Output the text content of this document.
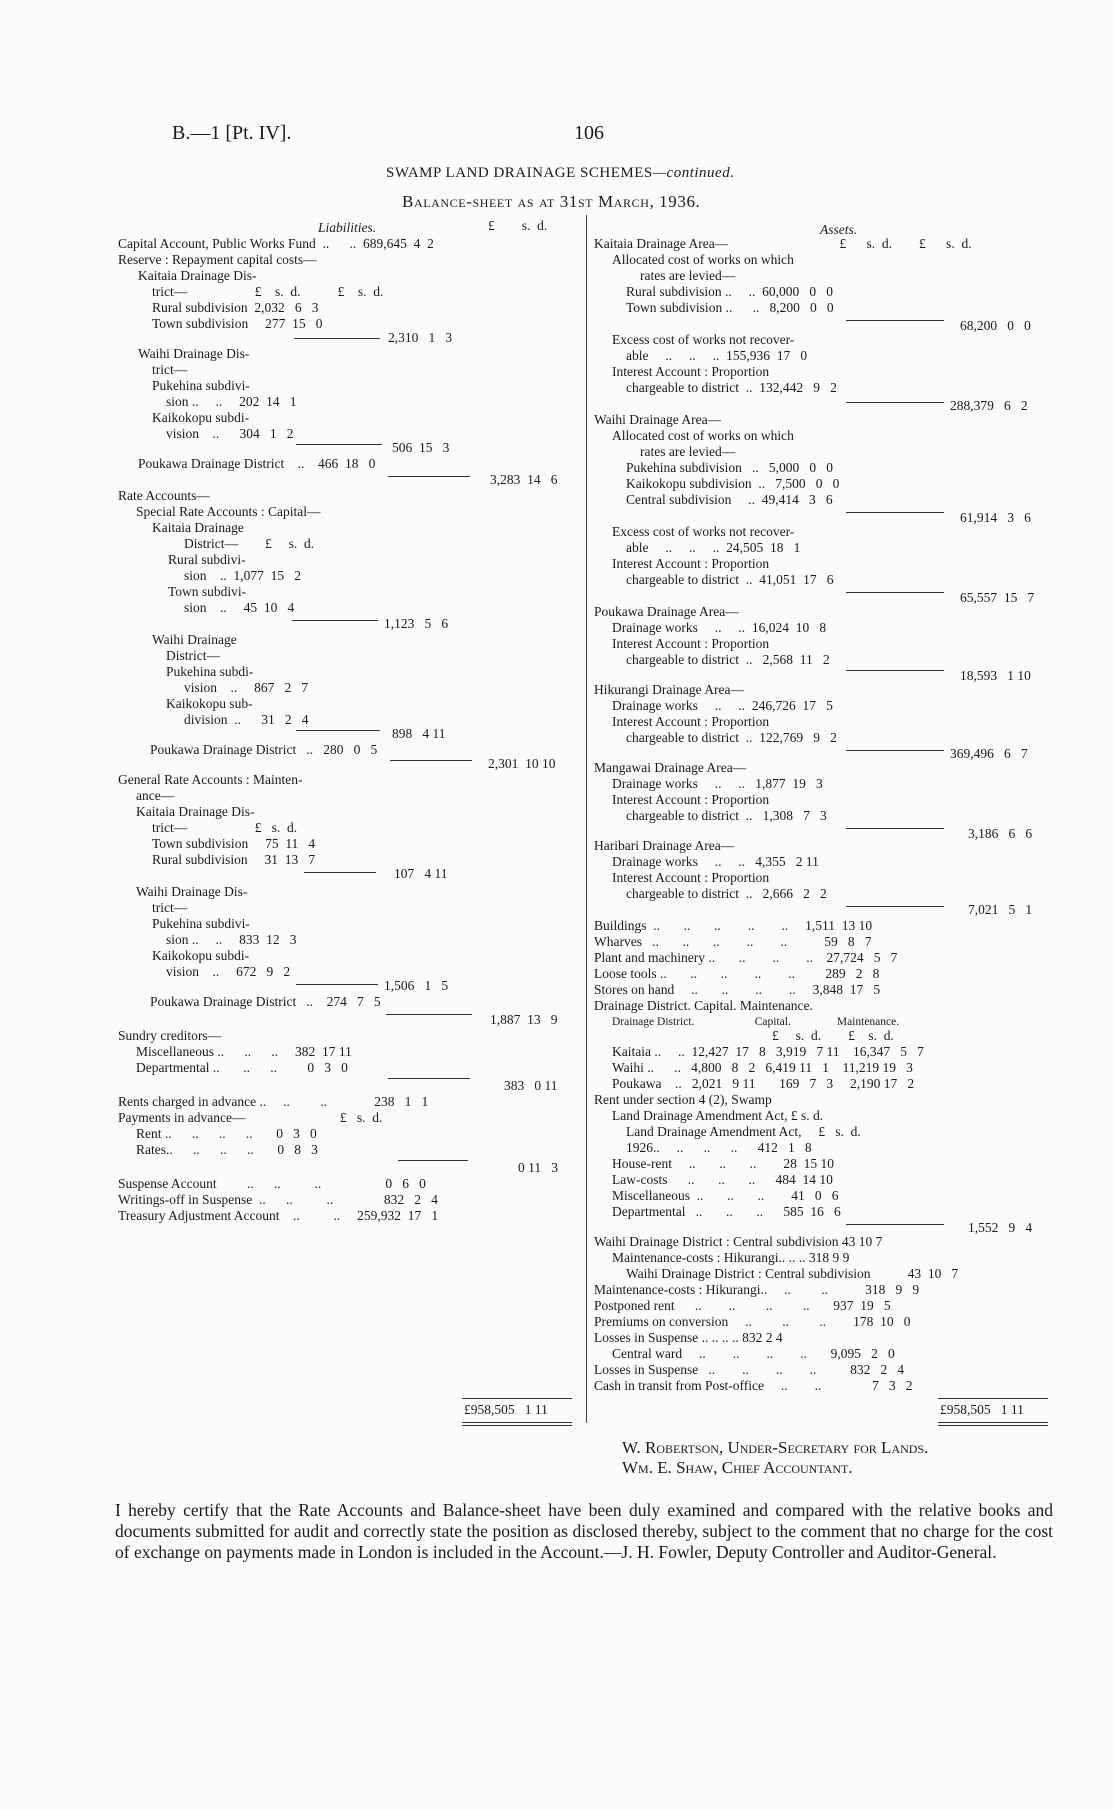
B.—1 [Pt. IV].	106
SWAMP LAND DRAINAGE SCHEMES—continued.
Balance-sheet as at 31st March, 1936.
Liabilities.	£        s.  d.
Capital Account, Public Works Fund  ..      ..  689,645  4  2
Reserve : Repayment capital costs—
Kaitaia Drainage Dis-
trict—                    £    s.  d.           £    s.  d.
Rural subdivision  2,032   6   3
Town subdivision     277  15   0
2,310   1   3
Waihi Drainage Dis-
trict—
Pukehina subdivi-
sion ..     ..     202  14   1
Kaikokopu subdi-
vision    ..      304   1   2
506  15   3
Poukawa Drainage District    ..    466  18   0
3,283  14   6
Rate Accounts—
Special Rate Accounts : Capital—
Kaitaia Drainage
District—        £     s.  d.
Rural subdivi-
sion    ..  1,077  15   2
Town subdivi-
sion    ..     45  10   4
1,123   5   6
Waihi Drainage
District—
Pukehina subdi-
vision    ..     867   2   7
Kaikokopu sub-
division  ..      31   2   4
898   4 11
Poukawa Drainage District   ..   280   0   5
2,301  10 10
General Rate Accounts : Mainten-
ance—
Kaitaia Drainage Dis-
trict—                    £   s.  d.
Town subdivision     75  11   4
Rural subdivision     31  13   7
107   4 11
Waihi Drainage Dis-
trict—
Pukehina subdivi-
sion ..     ..     833  12   3
Kaikokopu subdi-
vision    ..     672   9   2
1,506   1   5
Poukawa Drainage District   ..    274   7   5
1,887  13   9
Sundry creditors—
Miscellaneous ..      ..      ..     382  17 11
Departmental ..       ..      ..         0   3   0
383   0 11
Rents charged in advance ..     ..         ..              238   1   1
Payments in advance—                            £   s.  d.
Rent ..      ..      ..      ..       0   3   0
Rates..      ..      ..      ..       0   8   3
0 11   3
Suspense Account         ..      ..          ..                   0   6   0
Writings-off in Suspense  ..      ..          ..               832   2   4
Treasury Adjustment Account    ..          ..     259,932  17   1
£958,505   1 11
Assets.
Kaitaia Drainage Area—                                 £      s.  d.        £      s.  d.
Allocated cost of works on which
rates are levied—
Rural subdivision ..     ..  60,000   0   0
Town subdivision ..      ..   8,200   0   0
68,200   0   0
Excess cost of works not recover-
able     ..     ..     ..  155,936  17   0
Interest Account : Proportion
chargeable to district  ..  132,442   9   2
288,379   6   2
Waihi Drainage Area—
Allocated cost of works on which
rates are levied—
Pukehina subdivision   ..   5,000   0   0
Kaikokopu subdivision  ..   7,500   0   0
Central subdivision     ..  49,414   3   6
61,914   3   6
Excess cost of works not recover-
able     ..     ..     ..  24,505  18   1
Interest Account : Proportion
chargeable to district  ..  41,051  17   6
65,557  15   7
Poukawa Drainage Area—
Drainage works     ..     ..  16,024  10   8
Interest Account : Proportion
chargeable to district  ..   2,568  11   2
18,593   1 10
Hikurangi Drainage Area—
Drainage works     ..     ..  246,726  17   5
Interest Account : Proportion
chargeable to district  ..  122,769   9   2
369,496   6   7
Mangawai Drainage Area—
Drainage works     ..     ..   1,877  19   3
Interest Account : Proportion
chargeable to district  ..   1,308   7   3
3,186   6   6
Haribari Drainage Area—
Drainage works     ..     ..   4,355   2 11
Interest Account : Proportion
chargeable to district  ..   2,666   2   2
7,021   5   1
Buildings  ..       ..       ..        ..        ..     1,511  13 10
Wharves   ..       ..       ..        ..        ..           59   8   7
Plant and machinery ..       ..        ..        ..    27,724   5   7
Loose tools ..       ..       ..        ..        ..         289   2   8
Stores on hand     ..       ..        ..        ..     3,848  17   5
Drainage District. Capital. Maintenance.
Drainage District.                     Capital.                Maintenance.
£     s.  d.        £    s.  d.
Kaitaia ..     ..  12,427  17   8   3,919   7 11    16,347   5   7
Waihi ..      ..   4,800   8   2   6,419 11   1    11,219 19   3
Poukawa    ..   2,021   9 11       169   7   3     2,190 17   2
Rent under section 4 (2), Swamp
Land Drainage Amendment Act, £ s. d.
Land Drainage Amendment Act,     £   s.  d.
1926..     ..      ..      ..      412   1   8
House-rent     ..       ..       ..        28  15 10
Law-costs      ..       ..       ..      484  14 10
Miscellaneous  ..       ..       ..        41   0   6
Departmental   ..       ..       ..      585  16   6
1,552   9   4
Waihi Drainage District : Central subdivision 43 10 7
Maintenance-costs : Hikurangi.. .. .. 318 9 9
Waihi Drainage District : Central subdivision           43  10   7
Maintenance-costs : Hikurangi..     ..         ..           318   9   9
Postponed rent      ..        ..         ..         ..       937  19   5
Premiums on conversion     ..         ..         ..        178  10   0
Losses in Suspense .. .. .. .. 832 2 4
Central ward     ..        ..        ..        ..       9,095   2   0
Losses in Suspense   ..        ..        ..        ..          832   2   4
Cash in transit from Post-office     ..        ..               7   3   2
£958,505   1 11
W. Robertson, Under-Secretary for Lands.
Wm. E. Shaw, Chief Accountant.
I hereby certify that the Rate Accounts and Balance-sheet have been duly examined and compared with the relative books and documents submitted for audit and correctly state the position as disclosed thereby, subject to the comment that no charge for the cost of exchange on payments made in London is included in the Account.—J. H. Fowler, Deputy Controller and Auditor-General.
